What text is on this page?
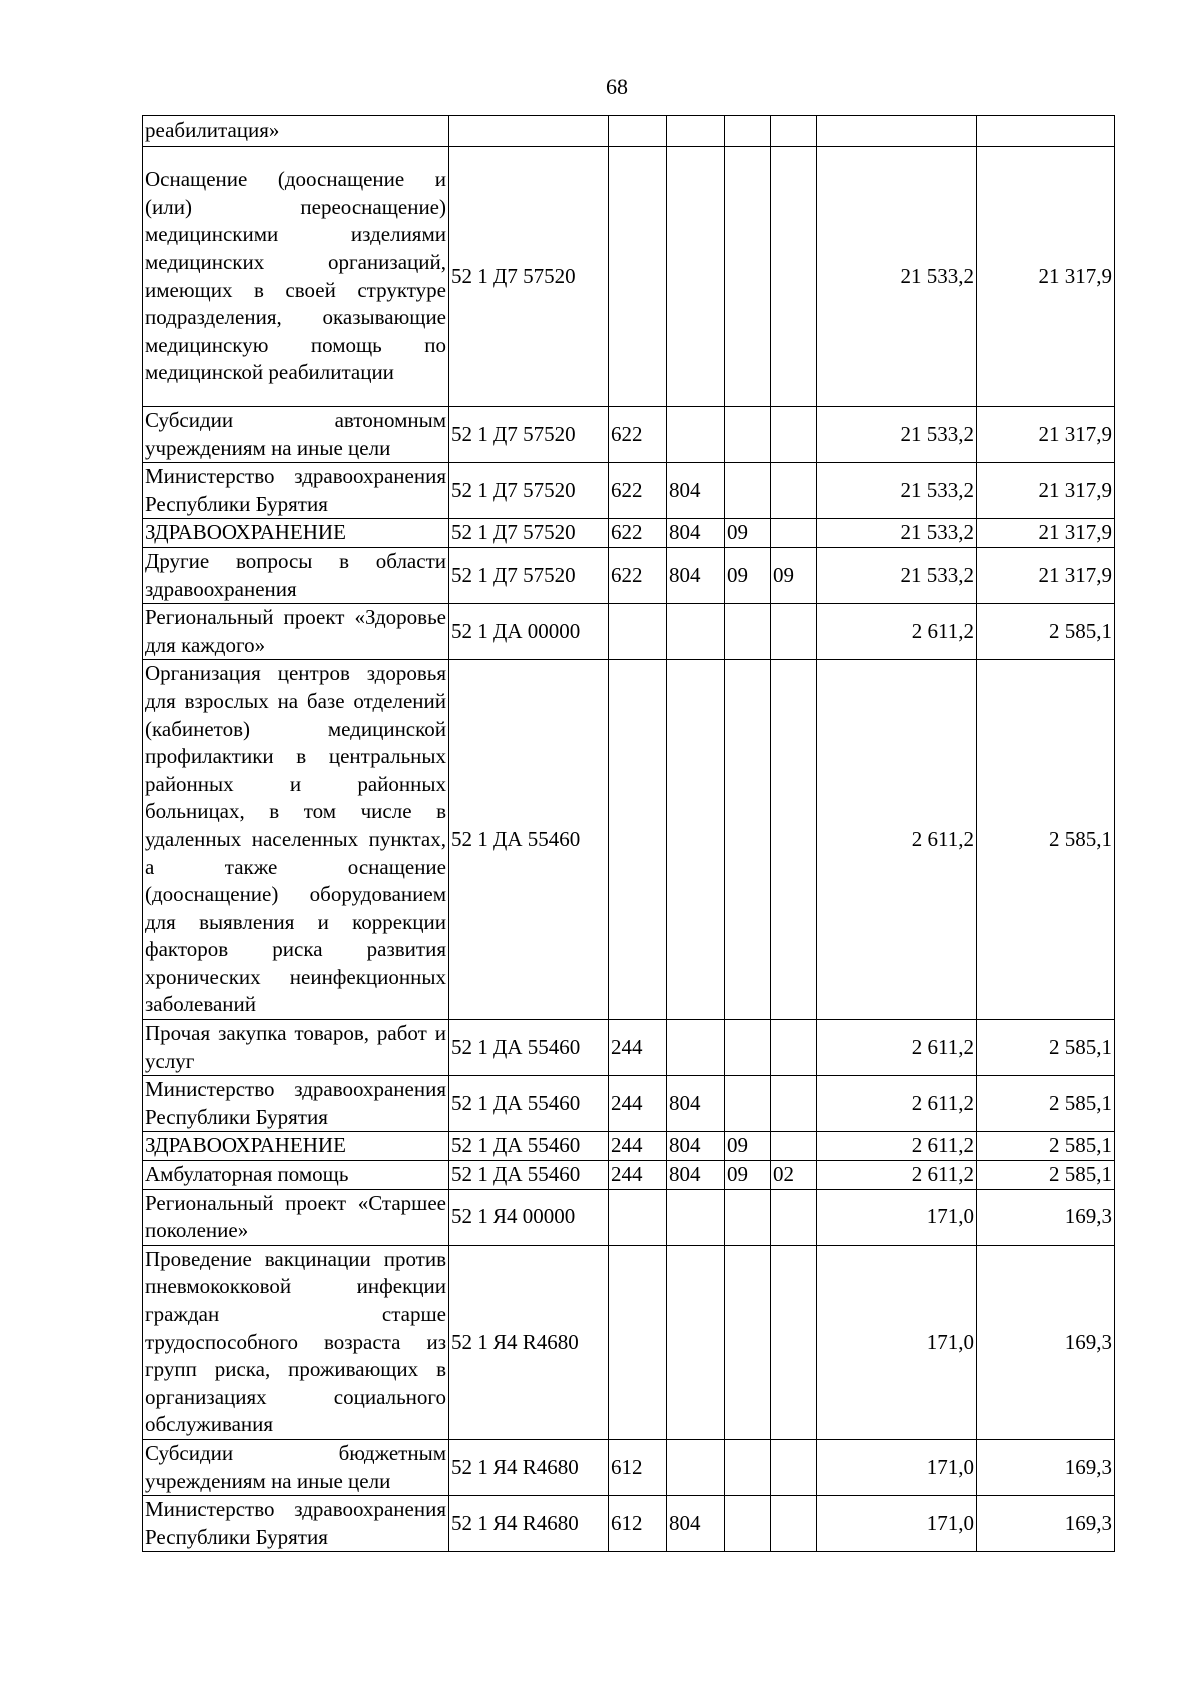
68
реабилитация»							
Оснащение (дооснащение и (или) переоснащение) медицинскими изделиями медицинских организаций, имеющих в своей структуре подразделения, оказывающие медицинскую помощь по медицинской реабилитации	52 1 Д7 57520					21 533,2	21 317,9
Субсидии автономным учреждениям на иные цели	52 1 Д7 57520	622				21 533,2	21 317,9
Министерство здравоохранения Республики Бурятия	52 1 Д7 57520	622	804			21 533,2	21 317,9
ЗДРАВООХРАНЕНИЕ	52 1 Д7 57520	622	804	09		21 533,2	21 317,9
Другие вопросы в области здравоохранения	52 1 Д7 57520	622	804	09	09	21 533,2	21 317,9
Региональный проект «Здоровье для каждого»	52 1 ДА 00000					2 611,2	2 585,1
Организация центров здоровья для взрослых на базе отделений (кабинетов) медицинской профилактики в центральных районных и районных больницах, в том числе в удаленных населенных пунктах, а также оснащение (дооснащение) оборудованием для выявления и коррекции факторов риска развития хронических неинфекционных заболеваний	52 1 ДА 55460					2 611,2	2 585,1
Прочая закупка товаров, работ и услуг	52 1 ДА 55460	244				2 611,2	2 585,1
Министерство здравоохранения Республики Бурятия	52 1 ДА 55460	244	804			2 611,2	2 585,1
ЗДРАВООХРАНЕНИЕ	52 1 ДА 55460	244	804	09		2 611,2	2 585,1
Амбулаторная помощь	52 1 ДА 55460	244	804	09	02	2 611,2	2 585,1
Региональный проект «Старшее поколение»	52 1 Я4 00000					171,0	169,3
Проведение вакцинации против пневмококковой инфекции граждан старше трудоспособного возраста из групп риска, проживающих в организациях социального обслуживания	52 1 Я4 R4680					171,0	169,3
Субсидии бюджетным учреждениям на иные цели	52 1 Я4 R4680	612				171,0	169,3
Министерство здравоохранения Республики Бурятия	52 1 Я4 R4680	612	804			171,0	169,3
